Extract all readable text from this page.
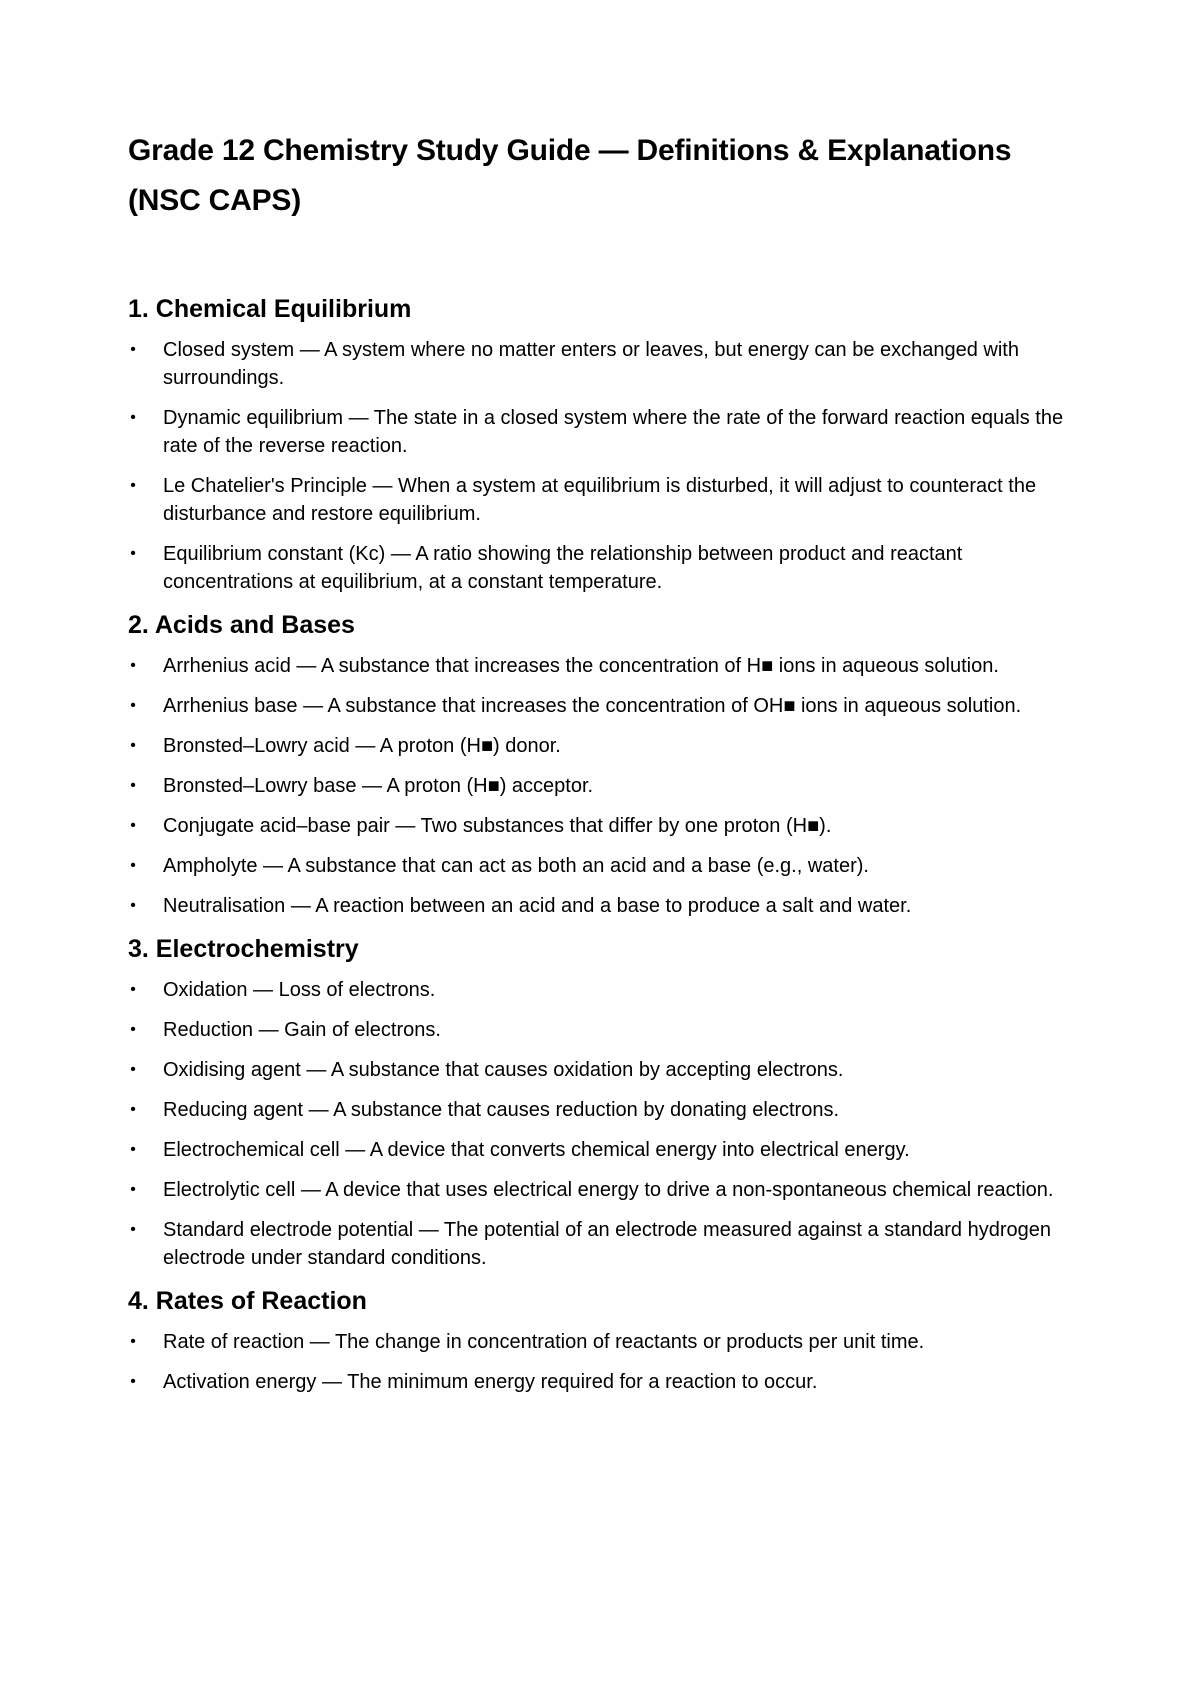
Grade 12 Chemistry Study Guide — Definitions & Explanations (NSC CAPS)
1. Chemical Equilibrium
• Closed system — A system where no matter enters or leaves, but energy can be exchanged with surroundings.
• Dynamic equilibrium — The state in a closed system where the rate of the forward reaction equals the rate of the reverse reaction.
• Le Chatelier's Principle — When a system at equilibrium is disturbed, it will adjust to counteract the disturbance and restore equilibrium.
• Equilibrium constant (Kc) — A ratio showing the relationship between product and reactant concentrations at equilibrium, at a constant temperature.
2. Acids and Bases
• Arrhenius acid — A substance that increases the concentration of H■ ions in aqueous solution.
• Arrhenius base — A substance that increases the concentration of OH■ ions in aqueous solution.
• Bronsted–Lowry acid — A proton (H■) donor.
• Bronsted–Lowry base — A proton (H■) acceptor.
• Conjugate acid–base pair — Two substances that differ by one proton (H■).
• Ampholyte — A substance that can act as both an acid and a base (e.g., water).
• Neutralisation — A reaction between an acid and a base to produce a salt and water.
3. Electrochemistry
• Oxidation — Loss of electrons.
• Reduction — Gain of electrons.
• Oxidising agent — A substance that causes oxidation by accepting electrons.
• Reducing agent — A substance that causes reduction by donating electrons.
• Electrochemical cell — A device that converts chemical energy into electrical energy.
• Electrolytic cell — A device that uses electrical energy to drive a non-spontaneous chemical reaction.
• Standard electrode potential — The potential of an electrode measured against a standard hydrogen electrode under standard conditions.
4. Rates of Reaction
• Rate of reaction — The change in concentration of reactants or products per unit time.
• Activation energy — The minimum energy required for a reaction to occur.
